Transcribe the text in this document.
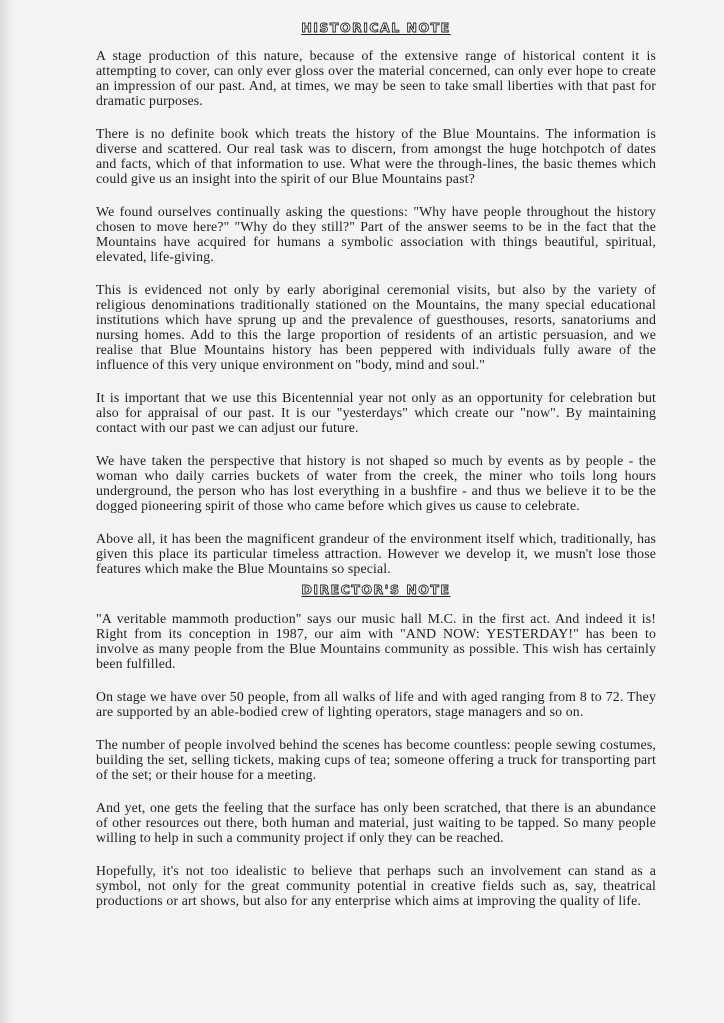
HISTORICAL NOTE

A stage production of this nature, because of the extensive range of historical content it is attempting to cover, can only ever gloss over the material concerned, can only ever hope to create an impression of our past. And, at times, we may be seen to take small liberties with that past for dramatic purposes.

There is no definite book which treats the history of the Blue Mountains. The information is diverse and scattered. Our real task was to discern, from amongst the huge hotchpotch of dates and facts, which of that information to use. What were the through-lines, the basic themes which could give us an insight into the spirit of our Blue Mountains past?

We found ourselves continually asking the questions: "Why have people throughout the history chosen to move here?" "Why do they still?" Part of the answer seems to be in the fact that the Mountains have acquired for humans a symbolic association with things beautiful, spiritual, elevated, life-giving.

This is evidenced not only by early aboriginal ceremonial visits, but also by the variety of religious denominations traditionally stationed on the Mountains, the many special educational institutions which have sprung up and the prevalence of guesthouses, resorts, sanatoriums and nursing homes. Add to this the large proportion of residents of an artistic persuasion, and we realise that Blue Mountains history has been peppered with individuals fully aware of the influence of this very unique environment on "body, mind and soul."

It is important that we use this Bicentennial year not only as an opportunity for celebration but also for appraisal of our past. It is our "yesterdays" which create our "now". By maintaining contact with our past we can adjust our future.

We have taken the perspective that history is not shaped so much by events as by people - the woman who daily carries buckets of water from the creek, the miner who toils long hours underground, the person who has lost everything in a bushfire - and thus we believe it to be the dogged pioneering spirit of those who came before which gives us cause to celebrate.

Above all, it has been the magnificent grandeur of the environment itself which, traditionally, has given this place its particular timeless attraction. However we develop it, we musn't lose those features which make the Blue Mountains so special.

DIRECTOR'S NOTE

"A veritable mammoth production" says our music hall M.C. in the first act. And indeed it is! Right from its conception in 1987, our aim with "AND NOW: YESTERDAY!" has been to involve as many people from the Blue Mountains community as possible. This wish has certainly been fulfilled.

On stage we have over 50 people, from all walks of life and with aged ranging from 8 to 72. They are supported by an able-bodied crew of lighting operators, stage managers and so on.

The number of people involved behind the scenes has become countless: people sewing costumes, building the set, selling tickets, making cups of tea; someone offering a truck for transporting part of the set; or their house for a meeting.

And yet, one gets the feeling that the surface has only been scratched, that there is an abundance of other resources out there, both human and material, just waiting to be tapped. So many people willing to help in such a community project if only they can be reached.

Hopefully, it's not too idealistic to believe that perhaps such an involvement can stand as a symbol, not only for the great community potential in creative fields such as, say, theatrical productions or art shows, but also for any enterprise which aims at improving the quality of life.
